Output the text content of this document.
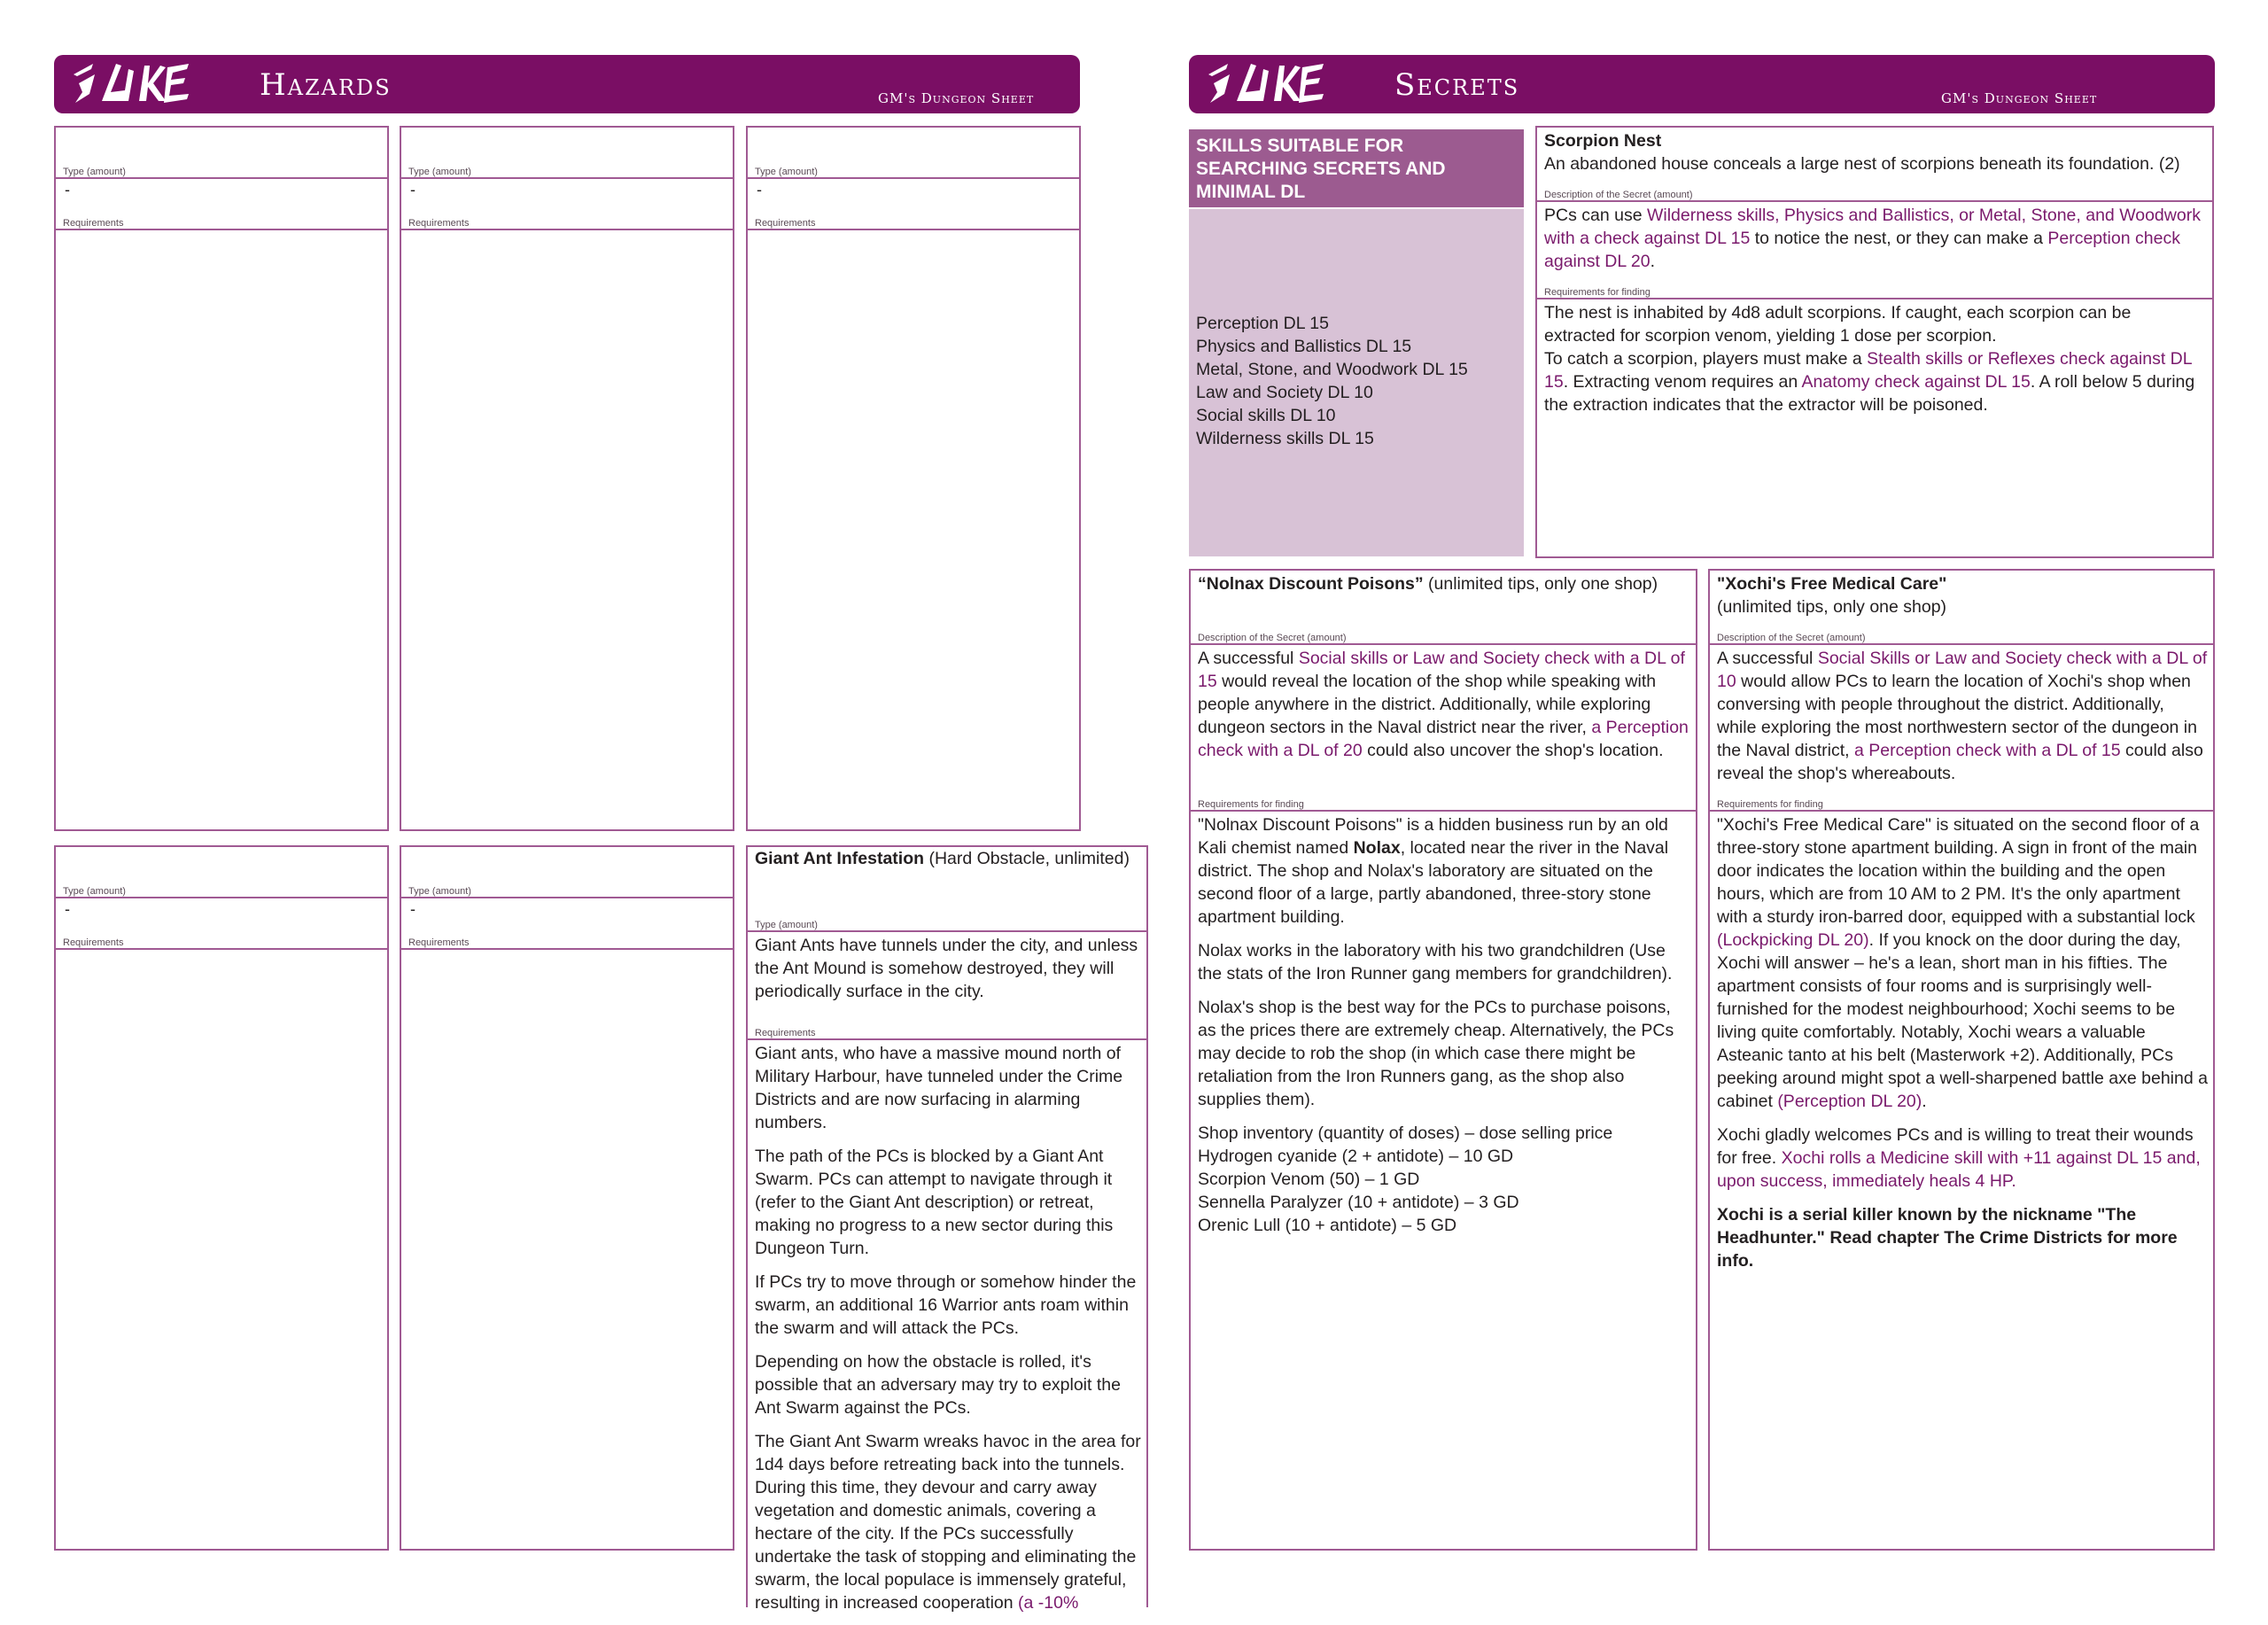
Hazards	GM's Dungeon Sheet	Secrets	GM's Dungeon Sheet
Type (amount)
-
Requirements
Type (amount)
-
Requirements
Type (amount)
-
Requirements
Type (amount)
-
Requirements
Type (amount)
-
Requirements
Giant Ant Infestation (Hard Obstacle, unlimited)
Type (amount)
Giant Ants have tunnels under the city, and unless the Ant Mound is somehow destroyed, they will periodically surface in the city.
Requirements

Giant ants, who have a massive mound north of Military Harbour, have tunneled under the Crime Districts and are now surfacing in alarming numbers.

The path of the PCs is blocked by a Giant Ant Swarm. PCs can attempt to navigate through it (refer to the Giant Ant description) or retreat, making no progress to a new sector during this Dungeon Turn.

If PCs try to move through or somehow hinder the swarm, an additional 16 Warrior ants roam within the swarm and will attack the PCs.

Depending on how the obstacle is rolled, it's possible that an adversary may try to exploit the Ant Swarm against the PCs.

The Giant Ant Swarm wreaks havoc in the area for 1d4 days before retreating back into the tunnels. During this time, they devour and carry away vegetation and domestic animals, covering a hectare of the city. If the PCs successfully undertake the task of stopping and eliminating the swarm, the local populace is immensely grateful, resulting in increased cooperation (a -10%

SKILLS SUITABLE FOR SEARCHING SECRETS AND MINIMAL DL
Perception DL 15
Physics and Ballistics DL 15
Metal, Stone, and Woodwork DL 15
Law and Society DL 10
Social skills DL 10
Wilderness skills DL 15
Scorpion Nest
An abandoned house conceals a large nest of scorpions beneath its foundation. (2)
Description of the Secret (amount)
PCs can use Wilderness skills, Physics and Ballistics, or Metal, Stone, and Woodwork with a check against DL 15 to notice the nest, or they can make a Perception check against DL 20.
Requirements for finding
The nest is inhabited by 4d8 adult scorpions. If caught, each scorpion can be extracted for scorpion venom, yielding 1 dose per scorpion.
To catch a scorpion, players must make a Stealth skills or Reflexes check against DL 15. Extracting venom requires an Anatomy check against DL 15. A roll below 5 during the extraction indicates that the extractor will be poisoned.
“Nolnax Discount Poisons” (unlimited tips, only one shop)
Description of the Secret (amount)
A successful Social skills or Law and Society check with a DL of 15 would reveal the location of the shop while speaking with people anywhere in the district. Additionally, while exploring dungeon sectors in the Naval district near the river, a Perception check with a DL of 20 could also uncover the shop's location.
Requirements for finding

"Nolnax Discount Poisons" is a hidden business run by an old Kali chemist named Nolax, located near the river in the Naval district. The shop and Nolax's laboratory are situated on the second floor of a large, partly abandoned, three-story stone apartment building.

Nolax works in the laboratory with his two grandchildren (Use the stats of the Iron Runner gang members for grandchildren).

Nolax's shop is the best way for the PCs to purchase poisons, as the prices there are extremely cheap. Alternatively, the PCs may decide to rob the shop (in which case there might be retaliation from the Iron Runners gang, as the shop also supplies them).

Shop inventory (quantity of doses) – dose selling price
Hydrogen cyanide (2 + antidote) – 10 GD
Scorpion Venom (50) – 1 GD
Sennella Paralyzer (10 + antidote) – 3 GD
Orenic Lull (10 + antidote) – 5 GD
"Xochi's Free Medical Care"
(unlimited tips, only one shop)
Description of the Secret (amount)
A successful Social Skills or Law and Society check with a DL of 10 would allow PCs to learn the location of Xochi's shop when conversing with people throughout the district. Additionally, while exploring the most northwestern sector of the dungeon in the Naval district, a Perception check with a DL of 15 could also reveal the shop's whereabouts.
Requirements for finding

"Xochi's Free Medical Care" is situated on the second floor of a three-story stone apartment building. A sign in front of the main door indicates the location within the building and the open hours, which are from 10 AM to 2 PM. It's the only apartment with a sturdy iron-barred door, equipped with a substantial lock (Lockpicking DL 20). If you knock on the door during the day, Xochi will answer – he's a lean, short man in his fifties. The apartment consists of four rooms and is surprisingly well-furnished for the modest neighbourhood; Xochi seems to be living quite comfortably. Notably, Xochi wears a valuable Asteanic tanto at his belt (Masterwork +2). Additionally, PCs peeking around might spot a well-sharpened battle axe behind a cabinet (Perception DL 20).

Xochi gladly welcomes PCs and is willing to treat their wounds for free. Xochi rolls a Medicine skill with +11 against DL 15 and, upon success, immediately heals 4 HP.

Xochi is a serial killer known by the nickname "The Headhunter." Read chapter The Crime Districts for more info.
